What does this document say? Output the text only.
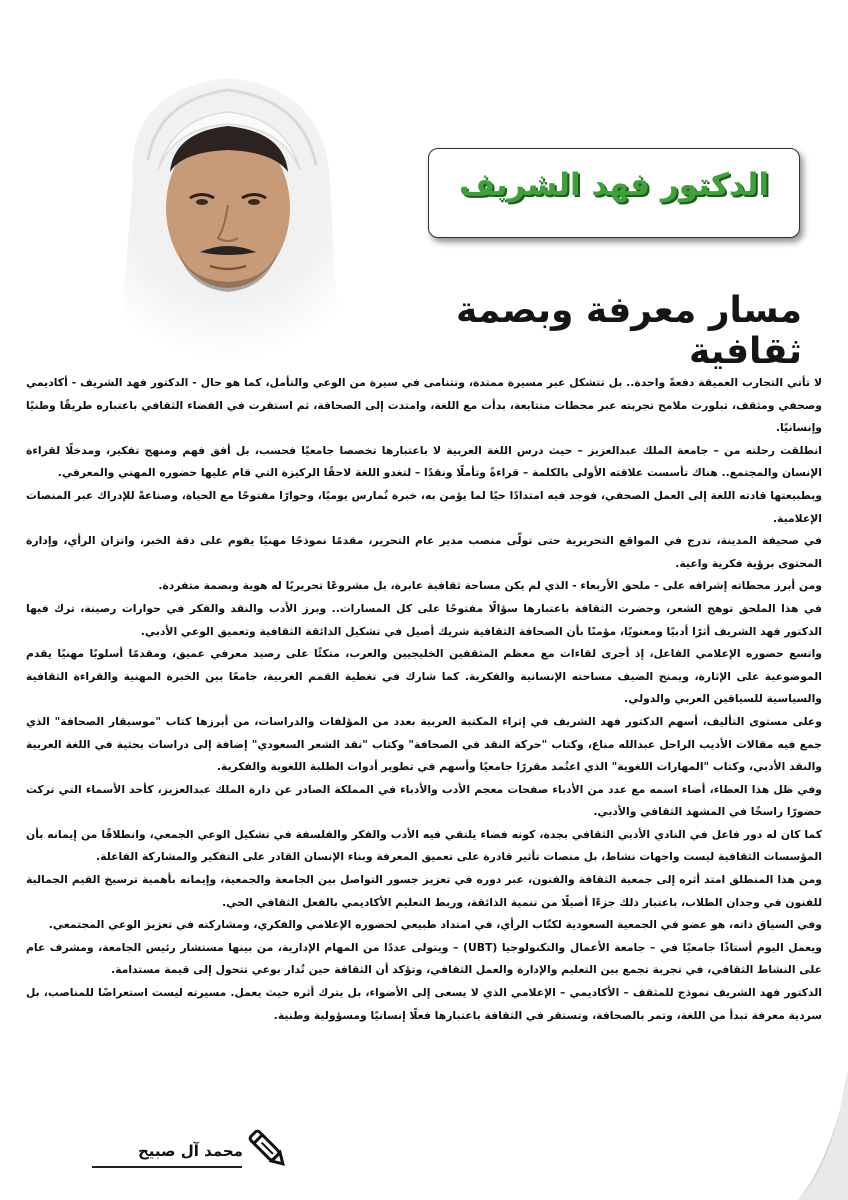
الدكتور فهد الشريف
مسار معرفة وبصمة ثقافية

لا تأتي التجارب العميقة دفعةً واحدة.. بل تتشكل عبر مسيرة ممتدة، وتتنامى في سيرة من الوعي والتأمل، كما هو حال - الدكتور فهد الشريف - أكاديمي وصحفي ومثقف، تبلورت ملامح تجربته عبر محطات متتابعة، بدأت مع اللغة، وامتدت إلى الصحافة، ثم استقرت في الفضاء الثقافي باعتباره طريقًا وطنيًا وإنسانيًا.

انطلقت رحلته من – جامعة الملك عبدالعزيز – حيث درس اللغة العربية لا باعتبارها تخصصا جامعيًا فحسب، بل أفق فهم ومنهج تفكير، ومدخلًا لقراءة الإنسان والمجتمع.. هناك تأسست علاقته الأولى بالكلمة – قراءةً وتأملًا ونقدًا – لتغدو اللغة لاحقًا الركيزة التي قام عليها حضوره المهني والمعرفي.

وبطبيعتها قادته اللغة إلى العمل الصحفي، فوجد فيه امتدادًا حيًا لما يؤمن به، خبرة تُمارس يوميًا، وحوارًا مفتوحًا مع الحياة، وصناعةً للإدراك عبر المنصات الإعلامية.

في صحيفة المدينة، تدرج في المواقع التحريرية حتى تولّى منصب مدير عام التحرير، مقدمًا نموذجًا مهنيًا يقوم على دقة الخبر، واتزان الرأي، وإدارة المحتوى برؤية فكرية واعية.

ومن أبرز محطاته إشرافه على - ملحق الأربعاء - الذي لم يكن مساحة ثقافية عابرة، بل مشروعًا تحريريًا له هوية وبصمة متفردة.

في هذا الملحق توهج الشعر، وحضرت الثقافة باعتبارها سؤالًا مفتوحًا على كل المسارات.. وبرز الأدب والنقد والفكر في حوارات رصينة، ترك فيها الدكتور فهد الشريف أثرًا أدبيًا ومعنويًا، مؤمنًا بأن الصحافة الثقافية شريك أصيل في تشكيل الذائقة الثقافية وتعميق الوعي الأدبي.

واتسع حضوره الإعلامي الفاعل، إذ أجرى لقاءات مع معظم المثقفين الخليجيين والعرب، متكئًا على رصيد معرفي عميق، ومقدمًا أسلوبًا مهنيًا يقدم الموضوعية على الإثارة، ويمنح الضيف مساحته الإنسانية والفكرية. كما شارك في تغطية القمم العربية، جامعًا بين الخبرة المهنية والقراءة الثقافية والسياسية للسياقين العربي والدولي.

وعلى مستوى التأليف، أسهم الدكتور فهد الشريف في إثراء المكتبة العربية بعدد من المؤلفات والدراسات، من أبرزها كتاب "موسيقار الصحافة" الذي جمع فيه مقالات الأديب الراحل عبدالله مناع، وكتاب "حركة النقد في الصحافة" وكتاب "نقد الشعر السعودي" إضافة إلى دراسات بحثية في اللغة العربية والنقد الأدبي، وكتاب "المهارات اللغوية" الذي اعتُمد مقررًا جامعيًا وأسهم في تطوير أدوات الطلبة اللغوية والفكرية.

وفي ظل هذا العطاء، أضاء اسمه مع عدد من الأدباء صفحات معجم الأدب والأدباء في المملكة الصادر عن دارة الملك عبدالعزيز، كأحد الأسماء التي تركت حضورًا راسخًا في المشهد الثقافي والأدبي.

كما كان له دور فاعل في النادي الأدبي الثقافي بجدة، كونه فضاء يلتقي فيه الأدب والفكر والفلسفة في تشكيل الوعي الجمعي، وانطلاقًا من إيمانه بأن المؤسسات الثقافية ليست واجهات نشاط، بل منصات تأثير قادرة على تعميق المعرفة وبناء الإنسان القادر على التفكير والمشاركة الفاعلة.

ومن هذا المنطلق امتد أثره إلى جمعية الثقافة والفنون، عبر دوره في تعزيز جسور التواصل بين الجامعة والجمعية، وإيمانه بأهمية ترسيخ القيم الجمالية للفنون في وجدان الطلاب، باعتبار ذلك جزءًا أصيلًا من تنمية الذائقة، وربط التعليم الأكاديمي بالفعل الثقافي الحي.

وفي السياق ذاته، هو عضو في الجمعية السعودية لكتّاب الرأي، في امتداد طبيعي لحضوره الإعلامي والفكري، ومشاركته في تعزيز الوعي المجتمعي.

ويعمل اليوم أستاذًا جامعيًا في – جامعة الأعمال والتكنولوجيا (UBT) – ويتولى عددًا من المهام الإدارية، من بينها مستشار رئيس الجامعة، ومشرف عام على النشاط الثقافي، في تجربة تجمع بين التعليم والإدارة والعمل الثقافي، وتؤكد أن الثقافة حين تُدار بوعي تتحول إلى قيمة مستدامة.

الدكتور فهد الشريف نموذج للمثقف – الأكاديمي – الإعلامي الذي لا يسعى إلى الأضواء، بل يترك أثره حيث يعمل. مسيرته ليست استعراضًا للمناصب، بل سردية معرفة تبدأ من اللغة، وتمر بالصحافة، وتستقر في الثقافة باعتبارها فعلًا إنسانيًا ومسؤولية وطنية.

محمد آل صبيح
